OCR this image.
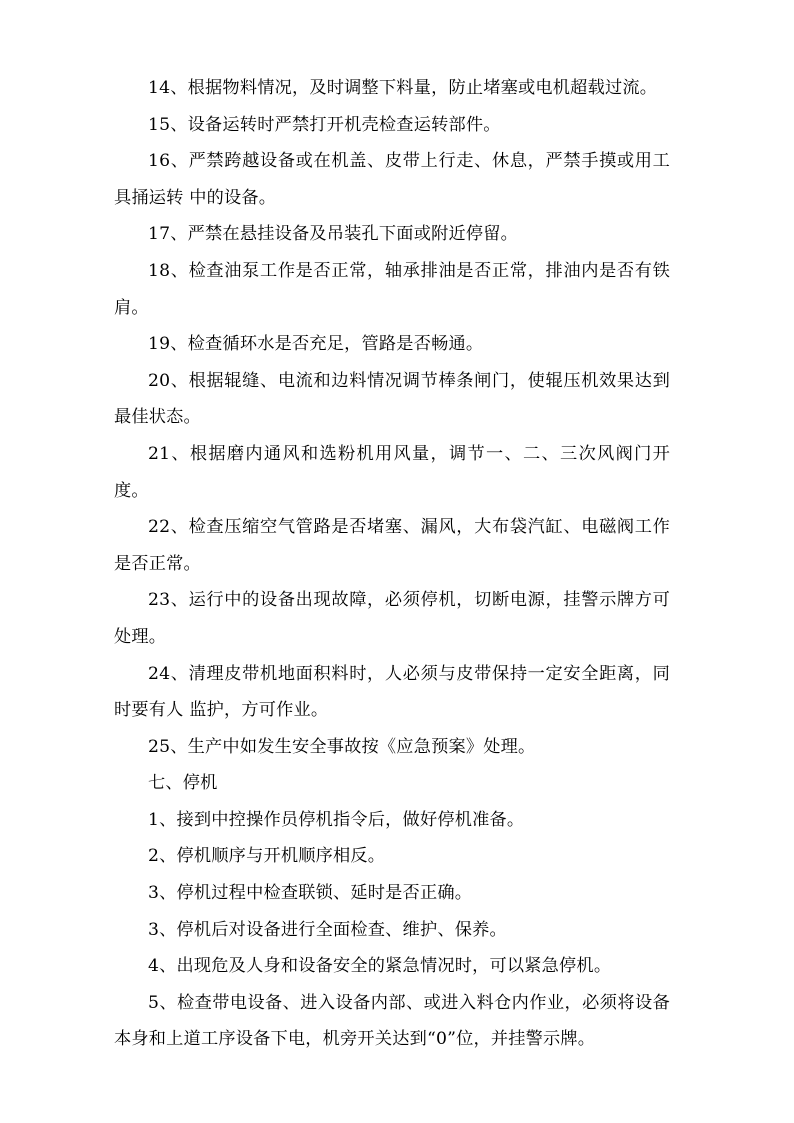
14、根据物料情况，及时调整下料量，防止堵塞或电机超载过流。

15、设备运转时严禁打开机壳检查运转部件。

16、严禁跨越设备或在机盖、皮带上行走、休息，严禁手摸或用工具捅运转 中的设备。

17、严禁在悬挂设备及吊装孔下面或附近停留。

18、检查油泵工作是否正常，轴承排油是否正常，排油内是否有铁肩。

19、检查循环水是否充足，管路是否畅通。

20、根据辊缝、电流和边料情况调节棒条闸门，使辊压机效果达到最佳状态。

21、根据磨内通风和选粉机用风量，调节一、二、三次风阀门开度。

22、检查压缩空气管路是否堵塞、漏风，大布袋汽缸、电磁阀工作是否正常。

23、运行中的设备出现故障，必须停机，切断电源，挂警示牌方可处理。

24、清理皮带机地面积料时，人必须与皮带保持一定安全距离，同时要有人 监护，方可作业。

25、生产中如发生安全事故按《应急预案》处理。

七、停机

1、接到中控操作员停机指令后，做好停机准备。

2、停机顺序与开机顺序相反。

3、停机过程中检查联锁、延时是否正确。

3、停机后对设备进行全面检查、维护、保养。

4、出现危及人身和设备安全的紧急情况时，可以紧急停机。

5、检查带电设备、进入设备内部、或进入料仓内作业，必须将设备本身和上道工序设备下电，机旁开关达到“0”位，并挂警示牌。
